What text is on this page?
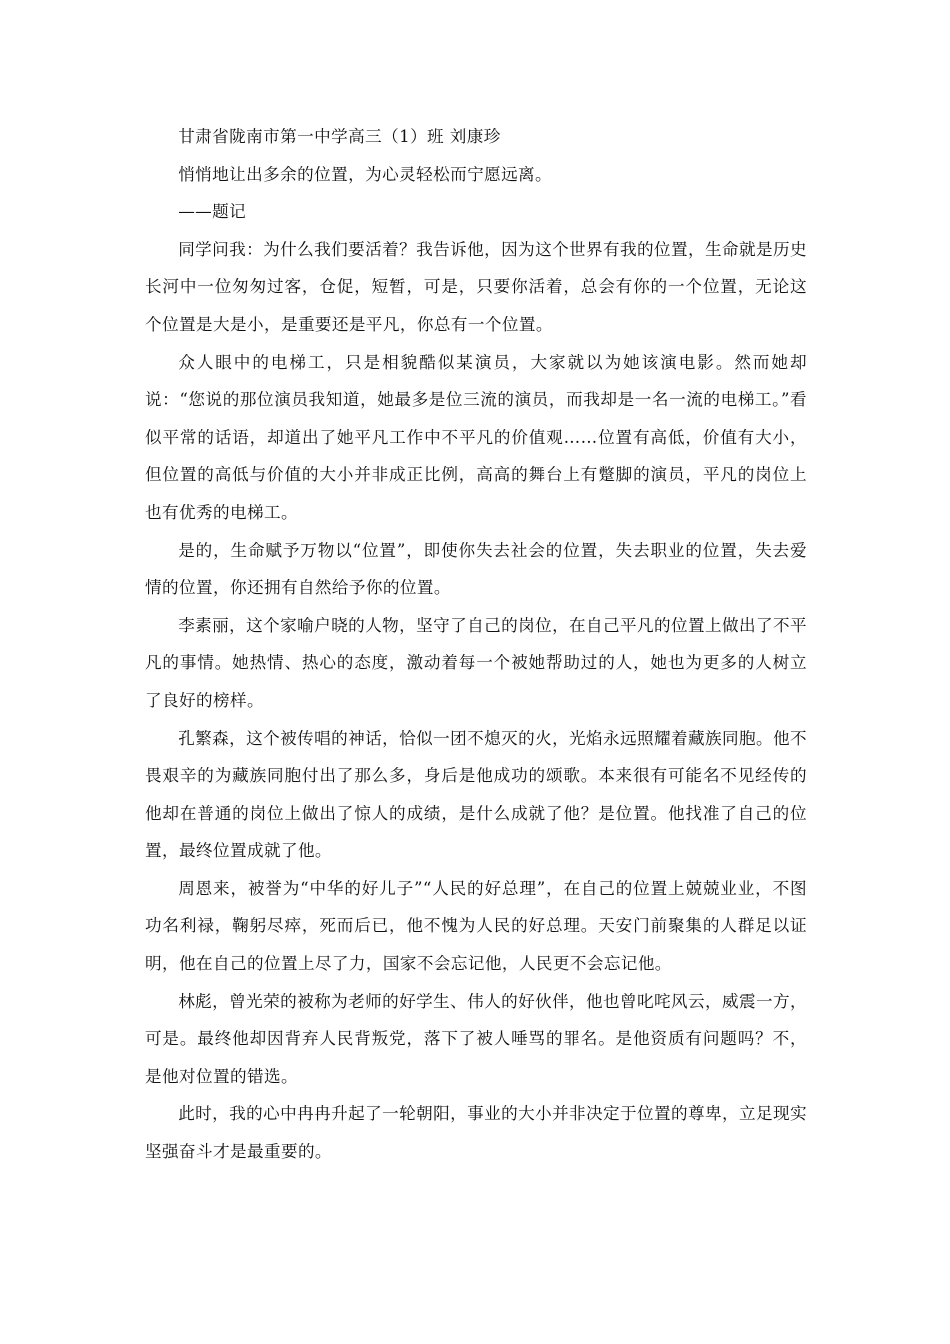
甘肃省陇南市第一中学高三（1）班 刘康珍

悄悄地让出多余的位置，为心灵轻松而宁愿远离。

——题记

同学问我：为什么我们要活着？我告诉他，因为这个世界有我的位置，生命就是历史长河中一位匆匆过客，仓促，短暂，可是，只要你活着，总会有你的一个位置，无论这个位置是大是小，是重要还是平凡，你总有一个位置。

众人眼中的电梯工，只是相貌酷似某演员，大家就以为她该演电影。然而她却说：“您说的那位演员我知道，她最多是位三流的演员，而我却是一名一流的电梯工。”看似平常的话语，却道出了她平凡工作中不平凡的价值观……位置有高低，价值有大小，但位置的高低与价值的大小并非成正比例，高高的舞台上有蹩脚的演员，平凡的岗位上也有优秀的电梯工。

是的，生命赋予万物以“位置”，即使你失去社会的位置，失去职业的位置，失去爱情的位置，你还拥有自然给予你的位置。

李素丽，这个家喻户晓的人物，坚守了自己的岗位，在自己平凡的位置上做出了不平凡的事情。她热情、热心的态度，激动着每一个被她帮助过的人，她也为更多的人树立了良好的榜样。

孔繁森，这个被传唱的神话，恰似一团不熄灭的火，光焰永远照耀着藏族同胞。他不畏艰辛的为藏族同胞付出了那么多，身后是他成功的颂歌。本来很有可能名不见经传的他却在普通的岗位上做出了惊人的成绩，是什么成就了他？是位置。他找准了自己的位置，最终位置成就了他。

周恩来，被誉为“中华的好儿子”“人民的好总理”，在自己的位置上兢兢业业，不图功名利禄，鞠躬尽瘁，死而后已，他不愧为人民的好总理。天安门前聚集的人群足以证明，他在自己的位置上尽了力，国家不会忘记他，人民更不会忘记他。

林彪，曾光荣的被称为老师的好学生、伟人的好伙伴，他也曾叱咤风云，威震一方，可是。最终他却因背弃人民背叛党，落下了被人唾骂的罪名。是他资质有问题吗？不，是他对位置的错选。

此时，我的心中冉冉升起了一轮朝阳，事业的大小并非决定于位置的尊卑，立足现实坚强奋斗才是最重要的。
